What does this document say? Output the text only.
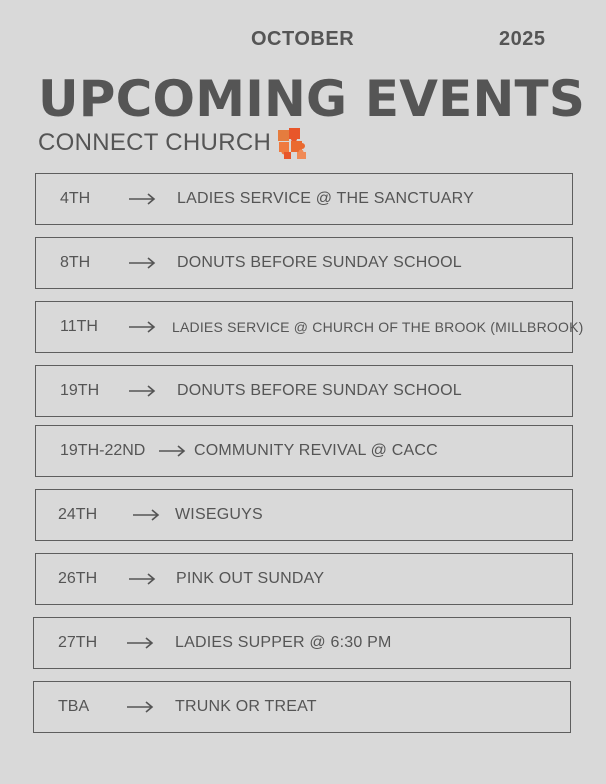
OCTOBER	2025
UPCOMING EVENTS
CONNECT CHURCH
4TH	LADIES SERVICE @ THE SANCTUARY
8TH	DONUTS BEFORE SUNDAY SCHOOL
11TH	LADIES SERVICE @ CHURCH OF THE BROOK (MILLBROOK)
19TH	DONUTS BEFORE SUNDAY SCHOOL
19TH-22ND	COMMUNITY REVIVAL @ CACC
24TH	WISEGUYS
26TH	PINK OUT SUNDAY
27TH	LADIES SUPPER @ 6:30 PM
TBA	TRUNK OR TREAT
